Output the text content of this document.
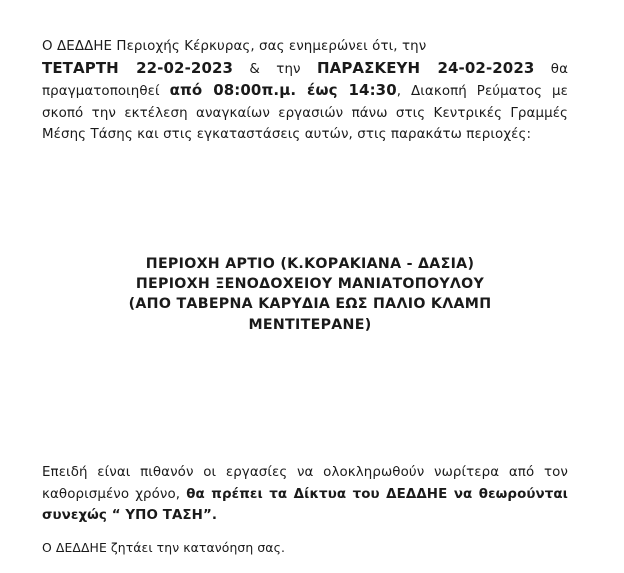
Ο ΔΕΔΔΗΕ Περιοχής Κέρκυρας, σας ενημερώνει ότι, την
ΤΕΤΑΡΤΗ 22-02-2023 & την ΠΑΡΑΣΚΕΥΗ 24-02-2023 θα πραγματοποιηθεί από 08:00π.μ. έως 14:30, Διακοπή Ρεύματος με σκοπό την εκτέλεση αναγκαίων εργασιών πάνω στις Κεντρικές Γραμμές Μέσης Τάσης και στις εγκαταστάσεις αυτών, στις παρακάτω περιοχές:
ΠΕΡΙΟΧΗ ΑΡΤΙΟ (Κ.ΚΟΡΑΚΙΑΝΑ - ΔΑΣΙΑ)
ΠΕΡΙΟΧΗ ΞΕΝΟΔΟΧΕΙΟΥ ΜΑΝΙΑΤΟΠΟΥΛΟΥ
(ΑΠΟ ΤΑΒΕΡΝΑ ΚΑΡΥΔΙΑ ΕΩΣ ΠΑΛΙΟ ΚΛΑΜΠ
ΜΕΝΤΙΤΕΡΑΝΕ)
Επειδή είναι πιθανόν οι εργασίες να ολοκληρωθούν νωρίτερα από τον καθορισμένο χρόνο, θα πρέπει τα Δίκτυα του ΔΕΔΔΗΕ να θεωρούνται συνεχώς “ ΥΠΟ ΤΑΣΗ”.
Ο ΔΕΔΔΗΕ ζητάει την κατανόηση σας.
